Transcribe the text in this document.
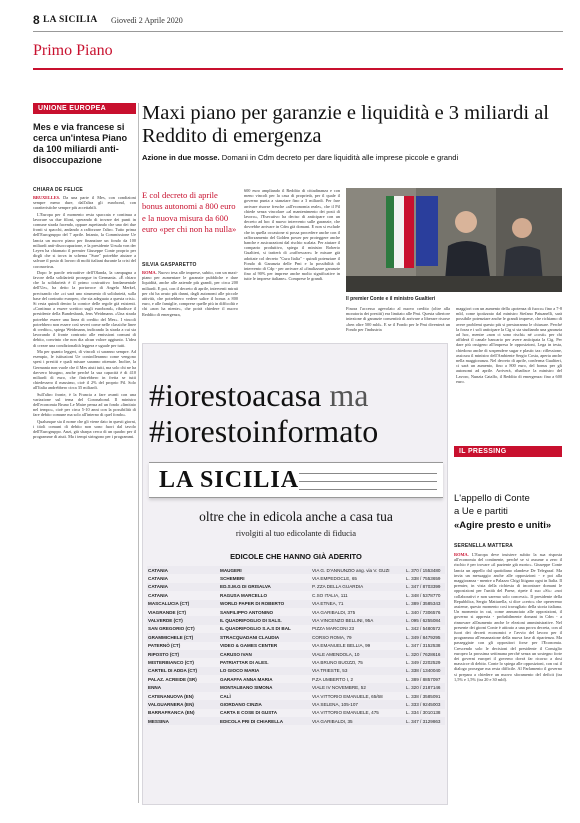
8 LA SICILIA Giovedì 2 Aprile 2020
Primo Piano
UNIONE EUROPEA
Mes e via francese si cerca un'intesa Piano da 100 miliardi anti-disoccupazione
CHIARA DE FELICE

BRUXELLES. Da una parte il Mes, con condizioni sempre meno dure, dall'altra gli eurobond, con caratteristiche sempre più accettabili.

L'Europa per il momento resta spaccata e continua a lavorare su due filoni, sperando di trovare dei punti in comune strada facendo, oppure aspettando che uno dei due fronti si spacchi, andando a rafforzare l'altro. Tutto prima dell'Eurogruppo del 7 aprile. Intanto, la Commissione Ue lancia un nuovo piano per finanziare un fondo da 100 miliardi anti-disoccupazione, e la presidente Ursula von der Leyen ha chiamato il premier Giuseppe Conte proprio per dirgli che si trova in schema "Sure" potrebbe aiutare a salvare il posto di lavoro di molti italiani durante la crisi del coronavirus.

Dopo le parole retroattive dell'Olanda, la campagna a favore della solidarietà prosegue in Germania. «È chiaro che la solidarietà è il primo costruttivo fondamentale dell'Ue», ha detto la portavoce di Angela Merkel, precisando che «ci sarà uno strumento di solidarietà, sulla base del contratto europeo, che sia adeguato a questa crisi». Si resta quindi dentro la cornice delle regole già esistenti. «Continuo a essere scettico sugli eurobond», ribadisce il presidente della Bundesbank, Jens Weidmann. «Una strada potrebbe essere una linea di credito del Mes». I vincoli potrebbero non essere così severi come nelle classiche linee di credito», spiega Weidmann, indicando la strada a cui sta lavorando il fronte contrario alle emissioni comuni di debito, convinto che non dia alcun valore aggiunto. L'idea di creare una condizionalità leggera e uguale per tutti.

Ma per quanto leggeri, di vincoli ci saranno sempre. Ad esempio, le istituzioni Ue controlleranno come vengono spesi i prestiti e quali misure saranno ottenute. Inoltre, la Germania non vuole che il Mes aiuti tutti, ma solo chi ne ha davvero bisogno, anche perché la sua capacità è di 410 miliardi di euro, che finirebbero in fretta se tutti chiedessero il massimo, cioè il 2% del proprio Pil. Solo all'Italia andrebbero circa 35 miliardi.

Sull'altro fronte, è la Francia a fare avanti con una variazione sul tema del Coronabond. Il ministro dell'economia Bruno Le Maire pensa ad un fondo «limitato nel tempo», cioè per circa 5-10 anni con la possibilità di fare debito comune ma solo all'interno di quel fondo».

Qualunque sia il nome che gli viene dato in questi giorni, i titoli comuni di debito non sono fuori dal tavolo dell'Eurogruppo. Anzi, già sbarpa cerca di un quadro per il programme di aiuti. Ma i tempi stringono per i programmi.

Maxi piano per garanzie e liquidità e 3 miliardi al Reddito di emergenza
Azione in due mosse. Domani in Cdm decreto per dare liquidità alle imprese piccole e grandi
E col decreto di aprile bonus autonomi a 800 euro e la nuova misura da 600 euro «per chi non ha nulla»
SILVIA GASPARETTO

ROMA. Nuovo tesa alle imprese, subito, con un maxi-piano per aumentare le garanzie pubbliche e dare liquidità, anche alle aziende più grandi, per circa 200 miliardi. E poi, con il decreto di aprile, interventi mirati per chi ha avuto più danni, dagli autonomi alle piccole attività, che potrebbero vedere salire il bonus a 800 euro, e alle famiglie, comprese quelle più in difficoltà e chi «non ha niente», che potrà chiedere il nuovo Reddito di emergenza,

600 euro ampliando il Reddito di cittadinanza e con meno vincoli per la casa di proprietà, per il quale il governo punta a stanziare fino a 3 miliardi. Per fare arrivare risorse fresche «all'economia reale», che il Pil chiede senza vincolare «al mantenimento dei posti di lavoro», l'Esecutivo ha deciso di anticipare con un decreto ad hoc il nuovo intervento sulle garanzie, che dovrebbe arrivare in Cdm già domani. E non si esclude che in quella occasione si possa procedere anche con il rafforzamento del Golden power per proteggere anche banche e assicurazioni dal rischio scalata. Per aiutare il comparto produttivo, spiega il ministro Roberto Gualtieri, si tratterà di «raffrescare» le misure già adottate col decreto "Cura Italia" - quindi potenziare il Fondo di Garanzia delle Pmi e la possibilità di intervento di Cdp - per arrivare al «finalizzare garanzie fino al 90% per imprese anche molto significative in tutte le imprese italiane». Comprese le grandi.

Il premier Conte e il ministro Gualtieri

Finora l'accesso agevolato al nuovo credito (oltre alla moratoria dei prestiti) era limitato alle Pmi. Questa ulteriore iniezione di garanzie consentirà di arrivare a liberare risorse «ben oltre 500 mld». E se il Fondo per le Pmi diventerà un Fondo per l'industria

maggiori con un aumento della «potenza di fuoco» fino a 7-8 mld, come ipotizzato dal ministro Stefano Patuanelli, sarà possibile potenziare anche le grandi imprese, che richiamo di avere problemi questo più si prestarranno le chiusure. Perché la forza e i soli anticipare la Cig si sta studiando una garanzia ad hoc, mentre «non ci sono rischi» né «costi» per chi affiderà il canale bancario per avere anticipata la Cig. Per dare più ossigeno all'impresa le opposizioni, Lega in testa, chiedono anche di sospendere sugar e plastic tax: riflessione, assicura il ministro dell'Ambiente Sergio Costa, aperta anche nella maggioranza. Nel decreto di aprile, conferma Gualtieri, ci sarà un aumento, fino a 800 euro, del bonus per gli autonomi ad aprile. Arriverà, ribadisce la ministro del Lavoro, Nunzia Catalfo, il Reddito di emergenza: fino a 600 euro.

#iorestoacasa ma
#iorestoinformato
LA SICILIA
oltre che in edicola anche a casa tua
rivolgiti al tuo edicolante di fiducia
EDICOLE CHE HANNO GIÀ ADERITO
CATANIA	MAUGERI	VIA G. D'ANNUNZIO ang. via V. GUZI	L. 370 / 1553480
CATANIA	SCHEMBRI	VIA EMPEDOCLE, 65	L. 338 / 7553659
CATANIA	ED.S.M.G DI GRISALVA	P. ZZA DELLA GUARDIA	L. 347 / 8703399
CATANIA	RAGUSA MARCELLO	C.SO ITALIA, 111	L. 348 / 5378770
MASCALUCIA (CT)	WORLD PAPER DI ROBERTO	VIA ETNEA, 71	L. 389 / 3585343
VIAGRANDE (CT)	SANFILIPPO ANTONINO	VIA GARIBALDI, 375	L. 340 / 7306576
VALVERDE (CT)	IL QUADRIFOGLIO DI SALS.	VIA VINCENZO BELLINI, 95A	L. 095 / 6255084
SAN GREGORIO (CT)	IL QUADRIFOGLIO S.A.S DI BAL	PIZZA MARCONI 23	L. 342 / 5480572
GRAMMICHELE (CT)	STRACQUADANI CLAUDIA	CORSO ROMA, 79	L. 349 / 8479295
PATERNÒ (CT)	VIDEO & GAMES CENTER	VIA EMANUELE BELLIA, 99	L. 347 / 3152538
RIPOSTO (CT)	CARUSO IVAN	VIALE AMENDOLA, 10	L. 320 / 7628616
MISTERBIANCO (CT)	PATRIATTAR DI ALES.	VIA BRUNO BUOZZI, 75	L. 349 / 2202529
CARTEL DI ADDA (CT)	LO GIOCO MARIA	VIA TRIESTE, 53	L. 338 / 1340040
PALAZ. ACREIDE (SR)	GARAFFA ANNA MARIA	P.ZA UMBERTO I, 2	L. 389 / 8857097
ENNA	MONTALBANO SIMONA	VIALE IV NOVEMBRE, 52	L. 320 / 2187146
CATENANUOVA (EN)	CALÌ	VIA VITTORIO EMANUELE, 65/68	L. 338 / 3585091
VALGUARNERA (EN)	GIORDANO CINZIA	VIA SELENA, 105-107	L. 333 / 9245003
BARRAFRANCA (EN)	CARTA E COSE DI GUSTA	VIA VITTORIO EMANUELE, 475	L. 334 / 3010138
MESSINA	EDICOLA PRI DI CHIARELLA	VIA GARIBALDI, 35	L. 347 / 3129863
IL PRESSING
L'appello di Conte
a Ue e partiti
«Agire presto e uniti»
SERENELLA MATTERA

ROMA. L'Europa deve insistere subito la sua risposta all'economia del continente, perché se si assume a zero il rischio è per trovare «il paziente già morto». Giuseppe Conte lancia un appello dal quotidiano olandese De Telegraaf. Ma invia un messaggio anche alle opposizioni - e poi alla maggioranza - mentre a Palazzo Chigi litigano ogni in Italia. Il premier, in vista della richiesta di incontrare domani le opposizioni per l'unità del Paese, ripete il suo «Sì»: «noi collaborativi e non saremo solo concessi». Il presidente della Repubblica, Sergio Mattarella, si dice «certo» che opereremo assieme, questo momento così travagliato della storia italiana. Un momento in cui, come annunciato alle opposizioni, il governo si appresta - probabilmente domani in Cdm - a rinnovare all'aumento anche le elezioni amministrative. Nel presente dei giorni Conte è attirato a una prova decreta, con al fuori dei decreti economici e l'avvio del lavoro per il programma all'emanazione della nuova fase di ripartenza. Ma passeggiate con gli oppositori forse per l'Economia. Crescendo solo le decisioni del presidente il Consiglio europeo la prossima settimana perché senza un sostegno forte dei governi europei il governo dovrà far ricorso a dosi massicce di debito. Conte lo spiega alle opposizioni, con cui il dialogo prosegue ma resta difficile. Al Parlamento il governo si prepara a chiedere un nuovo sforamento del deficit (tra 1,5% e 1,5% (tra 20 e 30 mld).
